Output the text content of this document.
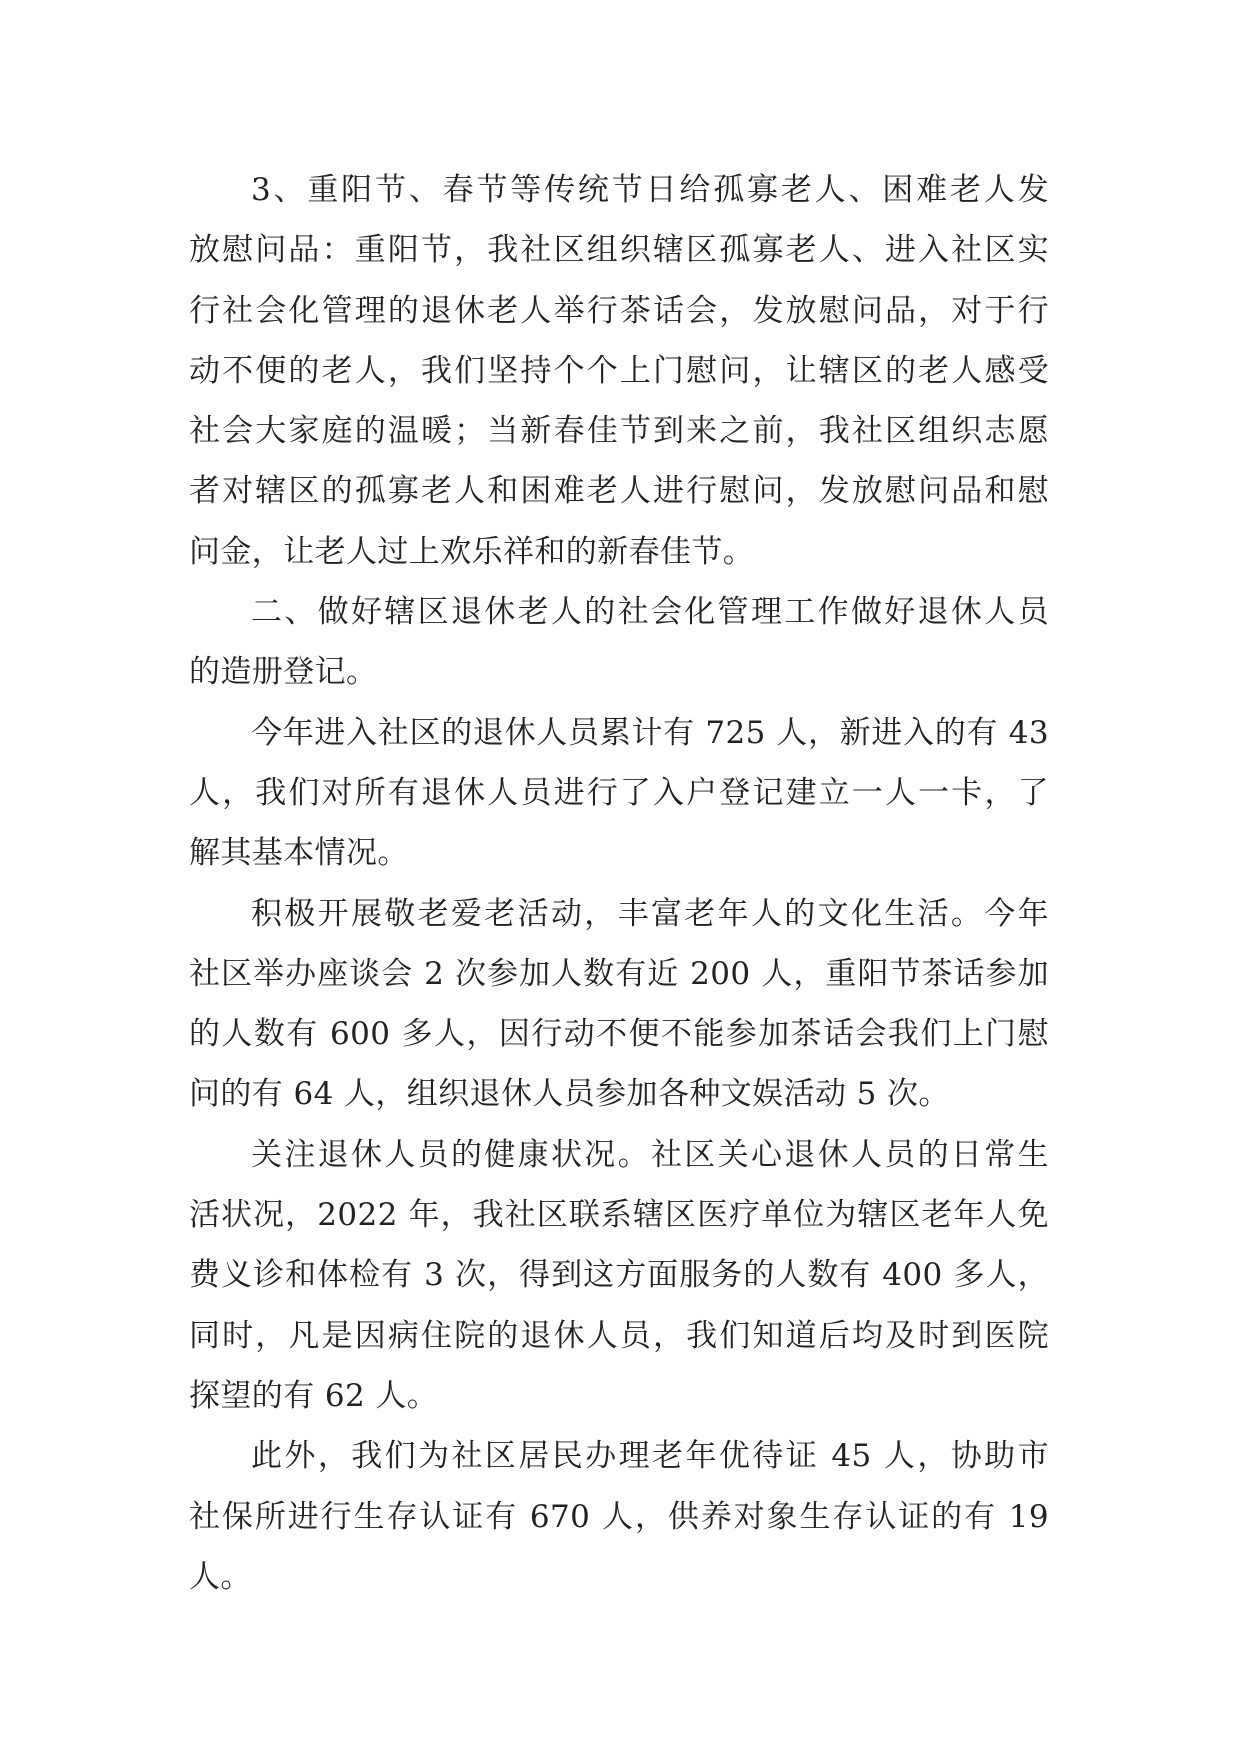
3、重阳节、春节等传统节日给孤寡老人、困难老人发
放慰问品：重阳节，我社区组织辖区孤寡老人、进入社区实
行社会化管理的退休老人举行茶话会，发放慰问品，对于行
动不便的老人，我们坚持个个上门慰问，让辖区的老人感受
社会大家庭的温暖；当新春佳节到来之前，我社区组织志愿
者对辖区的孤寡老人和困难老人进行慰问，发放慰问品和慰
问金，让老人过上欢乐祥和的新春佳节。

二、做好辖区退休老人的社会化管理工作做好退休人员
的造册登记。

今年进入社区的退休人员累计有 725 人，新进入的有 43
人，我们对所有退休人员进行了入户登记建立一人一卡，了
解其基本情况。

积极开展敬老爱老活动，丰富老年人的文化生活。今年
社区举办座谈会 2 次参加人数有近 200 人，重阳节茶话参加
的人数有 600 多人，因行动不便不能参加茶话会我们上门慰
问的有 64 人，组织退休人员参加各种文娱活动 5 次。

关注退休人员的健康状况。社区关心退休人员的日常生
活状况，2022 年，我社区联系辖区医疗单位为辖区老年人免
费义诊和体检有 3 次，得到这方面服务的人数有 400 多人，
同时，凡是因病住院的退休人员，我们知道后均及时到医院
探望的有 62 人。

此外，我们为社区居民办理老年优待证 45 人，协助市
社保所进行生存认证有 670 人，供养对象生存认证的有 19
人。
